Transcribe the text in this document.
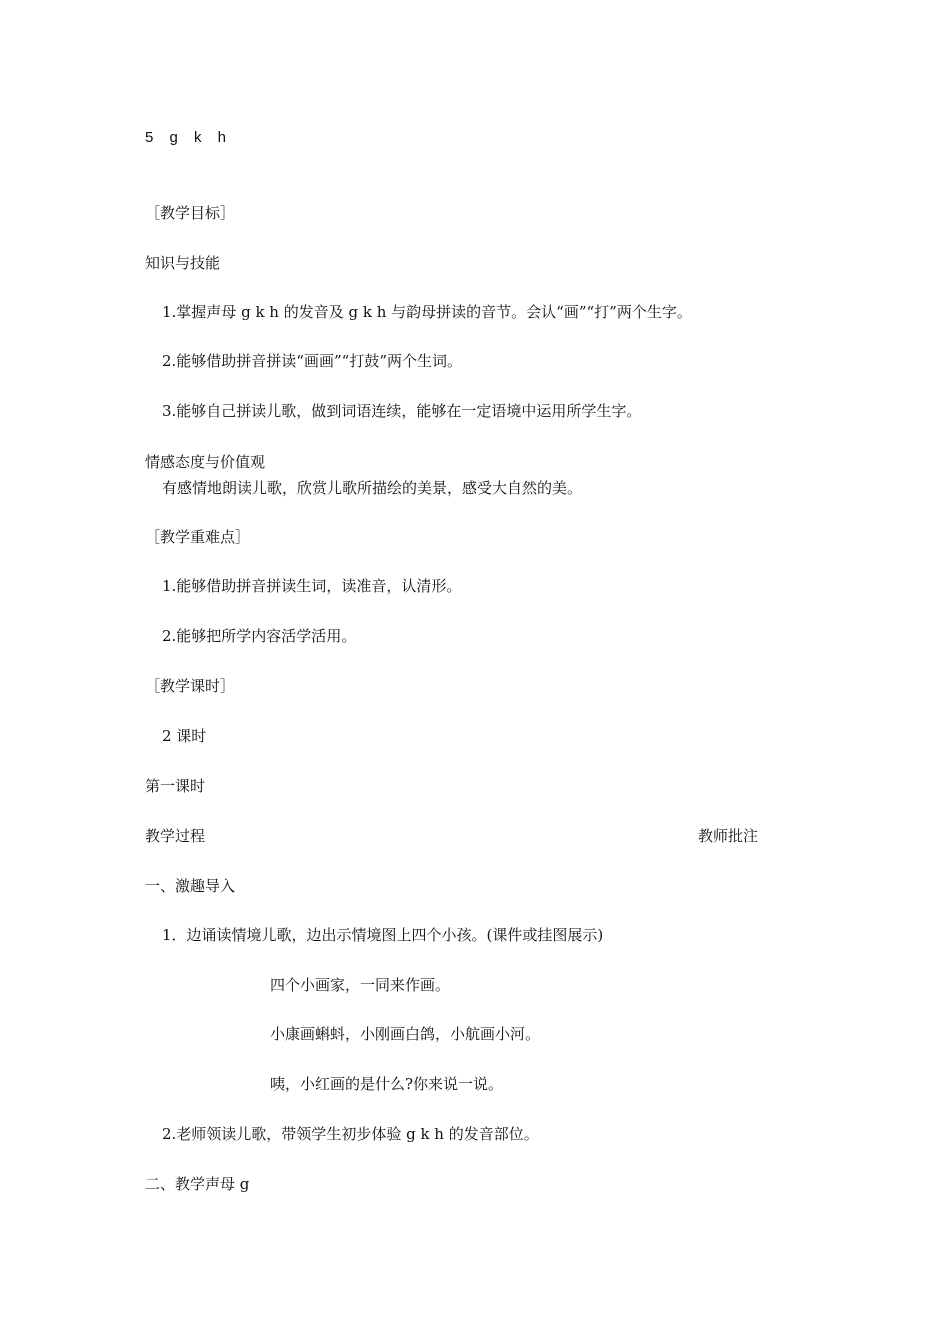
5 g k h
［教学目标］
知识与技能
1.掌握声母 g k h 的发音及 g k h 与韵母拼读的音节。会认“画”“打”两个生字。
2.能够借助拼音拼读“画画”“打鼓”两个生词。
3.能够自己拼读儿歌，做到词语连续，能够在一定语境中运用所学生字。
情感态度与价值观
有感情地朗读儿歌，欣赏儿歌所描绘的美景，感受大自然的美。
［教学重难点］
1.能够借助拼音拼读生词，读准音，认清形。
2.能够把所学内容活学活用。
［教学课时］
2 课时
第一课时
教学过程	教师批注
一、激趣导入
1．边诵读情境儿歌，边出示情境图上四个小孩。(课件或挂图展示)
四个小画家，一同来作画。
小康画蝌蚪，小刚画白鸽，小航画小河。
咦，小红画的是什么?你来说一说。
2.老师领读儿歌，带领学生初步体验 g k h 的发音部位。
二、教学声母 g
